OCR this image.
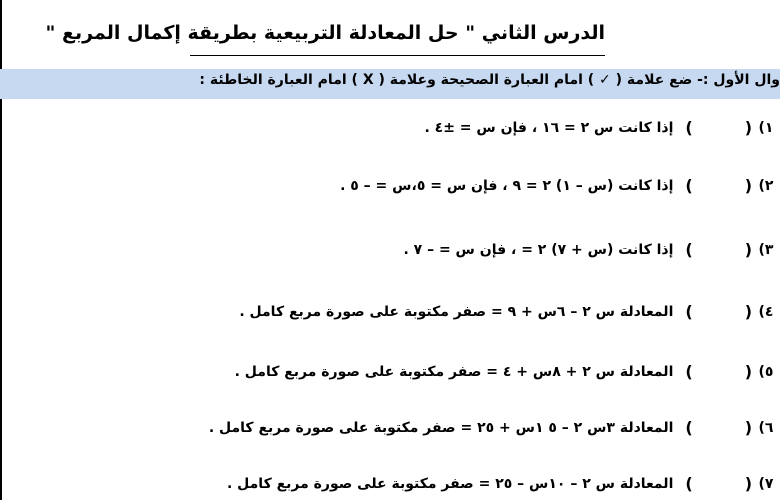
الدرس الثاني " حل المعادلة التربيعية بطريقة إكمال المربع "
وال الأول :- ضع علامة ( ✓ ) امام العبارة الصحيحة وعلامة ( X ) امام العبارة الخاطئة :
١)
(
)
إذا كانت س ٢ = ١٦ ، فإن س = ±٤ .
٢)
(
)
إذا كانت (س – ١) ٢ = ٩ ، فإن س = ٥،س = – ٥ .
٣)
(
)
إذا كانت (س + ٧) ٢ = ، فإن س = – ٧ .
٤)
(
)
المعادلة س ٢ – ٦س + ٩ = صفر مكتوبة على صورة مربع كامل .
٥)
(
)
المعادلة س ٢ + ٨س + ٤ = صفر مكتوبة على صورة مربع كامل .
٦)
(
)
المعادلة ٣س ٢ – ٥ ١س + ٢٥ = صفر مكتوبة على صورة مربع كامل .
٧)
(
)
المعادلة س ٢ – ١٠س – ٢٥ = صفر مكتوبة على صورة مربع كامل .
